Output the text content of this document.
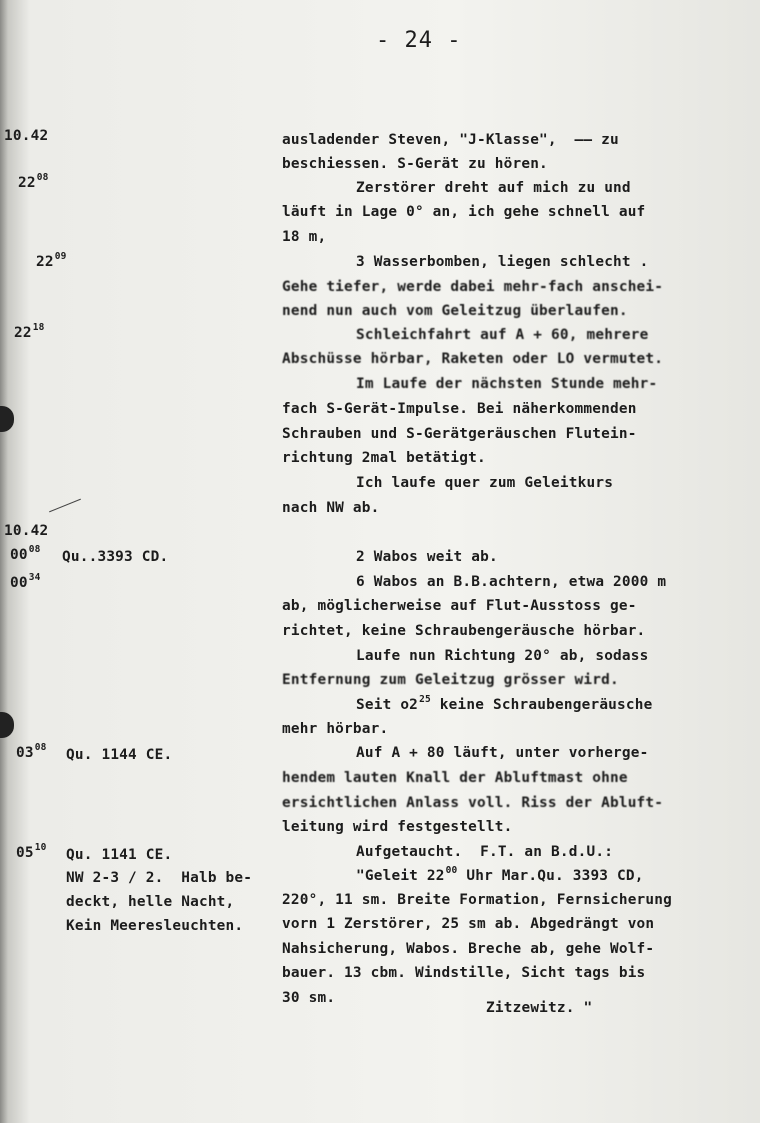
- 24 -
10.42
$22^{08}$
$22^{09}$
$22^{18}$
10.42
$00^{08}$
$00^{34}$
$03^{08}$
$05^{10}$
Qu..3393 CD.
Qu. 1144 CE.
Qu. 1141 CE.
NW 2-3 / 2.  Halb be-
deckt, helle Nacht,
Kein Meeresleuchten.
ausladender Steven, "J-Klasse",  —— zu
beschiessen. S-Gerät zu hören.
Zerstörer dreht auf mich zu und
läuft in Lage 0° an, ich gehe schnell auf
18 m,
3 Wasserbomben, liegen schlecht .
Gehe tiefer, werde dabei mehr-fach anschei-
nend nun auch vom Geleitzug überlaufen.
Schleichfahrt auf A + 60, mehrere
Abschüsse hörbar, Raketen oder LO vermutet.
Im Laufe der nächsten Stunde mehr-
fach S-Gerät-Impulse. Bei näherkommenden
Schrauben und S-Gerätgeräuschen Flutein-
richtung 2mal betätigt.
Ich laufe quer zum Geleitkurs
nach NW ab.
2 Wabos weit ab.
6 Wabos an B.B.achtern, etwa 2000 m
ab, möglicherweise auf Flut-Ausstoss ge-
richtet, keine Schraubengeräusche hörbar.
Laufe nun Richtung 20° ab, sodass
Entfernung zum Geleitzug grösser wird.
Seit $o2^{25}$ keine Schraubengeräusche
mehr hörbar.
Auf A + 80 läuft, unter vorhergе-
hendem lauten Knall der Abluftmast ohne
ersichtlichen Anlass voll. Riss der Abluft-
leitung wird festgestellt.
Aufgetaucht.  F.T. an B.d.U.:
"Geleit $22^{00}$ Uhr Mar.Qu. 3393 CD,
220°, 11 sm. Breite Formation, Fernsicherung
vorn 1 Zerstörer, 25 sm ab. Abgedrängt von
Nahsicherung, Wabos. Breche ab, gehe Wolf-
bauer. 13 cbm. Windstille, Sicht tags bis
30 sm.
Zitzewitz. "
